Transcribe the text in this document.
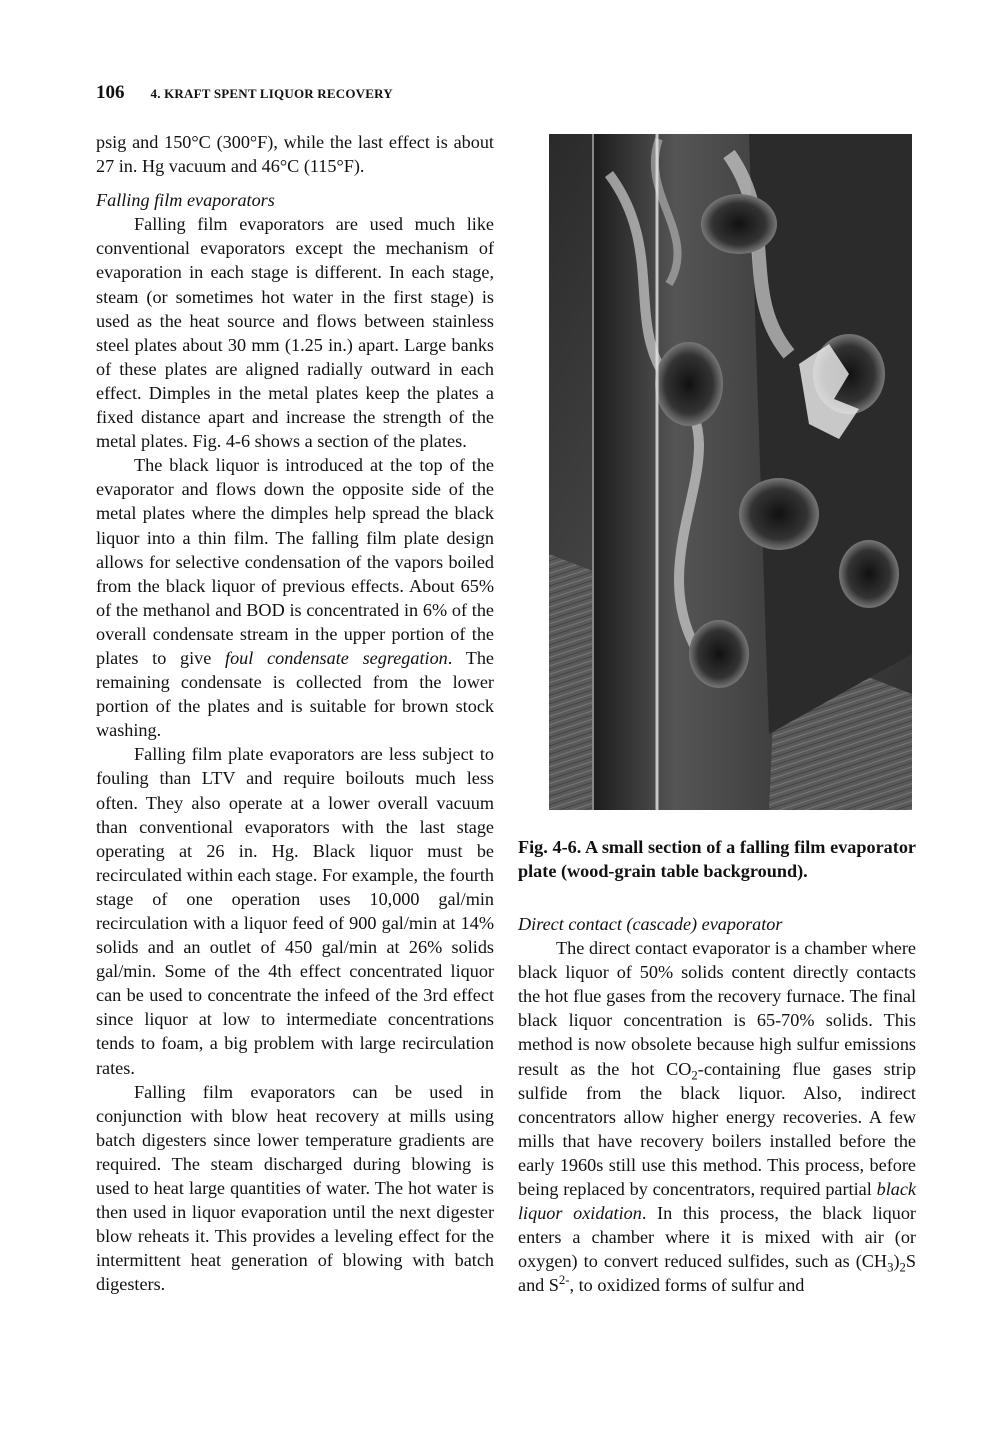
106 4. KRAFT SPENT LIQUOR RECOVERY

psig and 150°C (300°F), while the last effect is about 27 in. Hg vacuum and 46°C (115°F).

Falling film evaporators

Falling film evaporators are used much like conventional evaporators except the mechanism of evaporation in each stage is different. In each stage, steam (or sometimes hot water in the first stage) is used as the heat source and flows between stainless steel plates about 30 mm (1.25 in.) apart. Large banks of these plates are aligned radially outward in each effect. Dimples in the metal plates keep the plates a fixed distance apart and increase the strength of the metal plates. Fig. 4-6 shows a section of the plates.

The black liquor is introduced at the top of the evaporator and flows down the opposite side of the metal plates where the dimples help spread the black liquor into a thin film. The falling film plate design allows for selective condensation of the vapors boiled from the black liquor of previous effects. About 65% of the methanol and BOD is concentrated in 6% of the overall condensate stream in the upper portion of the plates to give foul condensate segregation. The remaining condensate is collected from the lower portion of the plates and is suitable for brown stock washing.

Falling film plate evaporators are less subject to fouling than LTV and require boilouts much less often. They also operate at a lower overall vacuum than conventional evaporators with the last stage operating at 26 in. Hg. Black liquor must be recirculated within each stage. For example, the fourth stage of one operation uses 10,000 gal/min recirculation with a liquor feed of 900 gal/min at 14% solids and an outlet of 450 gal/min at 26% solids gal/min. Some of the 4th effect concentrated liquor can be used to concentrate the infeed of the 3rd effect since liquor at low to intermediate concentrations tends to foam, a big problem with large recirculation rates.

Falling film evaporators can be used in conjunction with blow heat recovery at mills using batch digesters since lower temperature gradients are required. The steam discharged during blowing is used to heat large quantities of water. The hot water is then used in liquor evaporation until the next digester blow reheats it. This provides a leveling effect for the intermittent heat generation of blowing with batch digesters.

Fig. 4-6. A small section of a falling film evaporator plate (wood-grain table background).

Direct contact (cascade) evaporator

The direct contact evaporator is a chamber where black liquor of 50% solids content directly contacts the hot flue gases from the recovery furnace. The final black liquor concentration is 65-70% solids. This method is now obsolete because high sulfur emissions result as the hot $CO_2$-containing flue gases strip sulfide from the black liquor. Also, indirect concentrators allow higher energy recoveries. A few mills that have recovery boilers installed before the early 1960s still use this method. This process, before being replaced by concentrators, required partial black liquor oxidation. In this process, the black liquor enters a chamber where it is mixed with air (or oxygen) to convert reduced sulfides, such as $(CH_3)_2S$ and $S^{2-}$, to oxidized forms of sulfur and
